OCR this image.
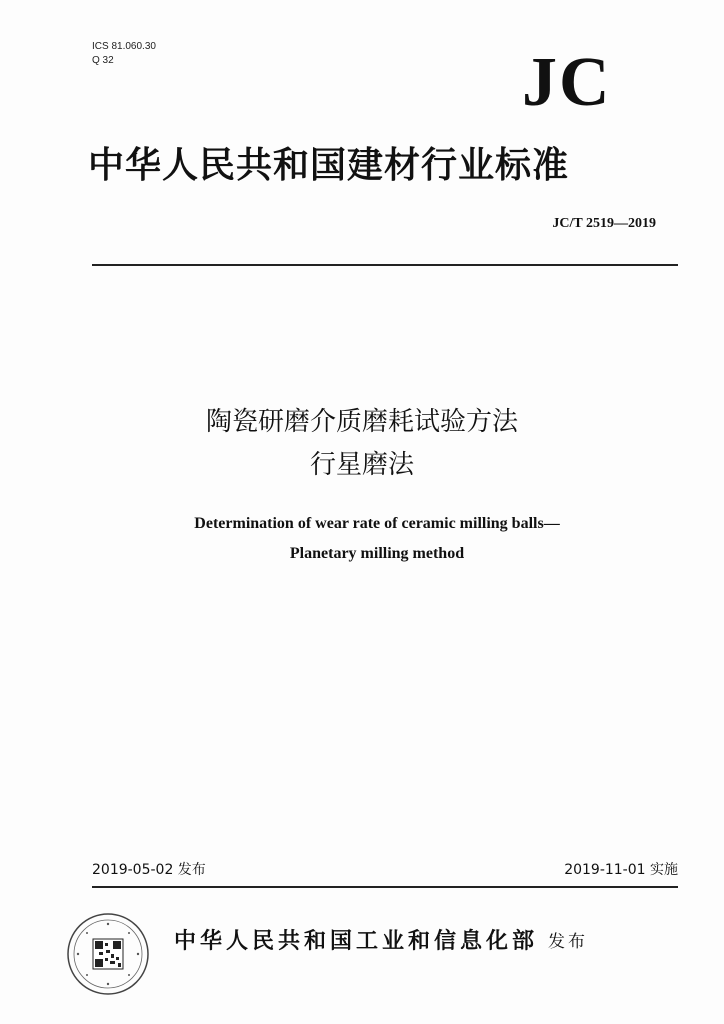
ICS 81.060.30
Q 32	JC
中华人民共和国建材行业标准
JC/T 2519—2019
陶瓷研磨介质磨耗试验方法
行星磨法
Determination of wear rate of ceramic milling balls—
Planetary milling method
2019-05-02 发布	2019-11-01 实施
中华人民共和国工业和信息化部 发布
